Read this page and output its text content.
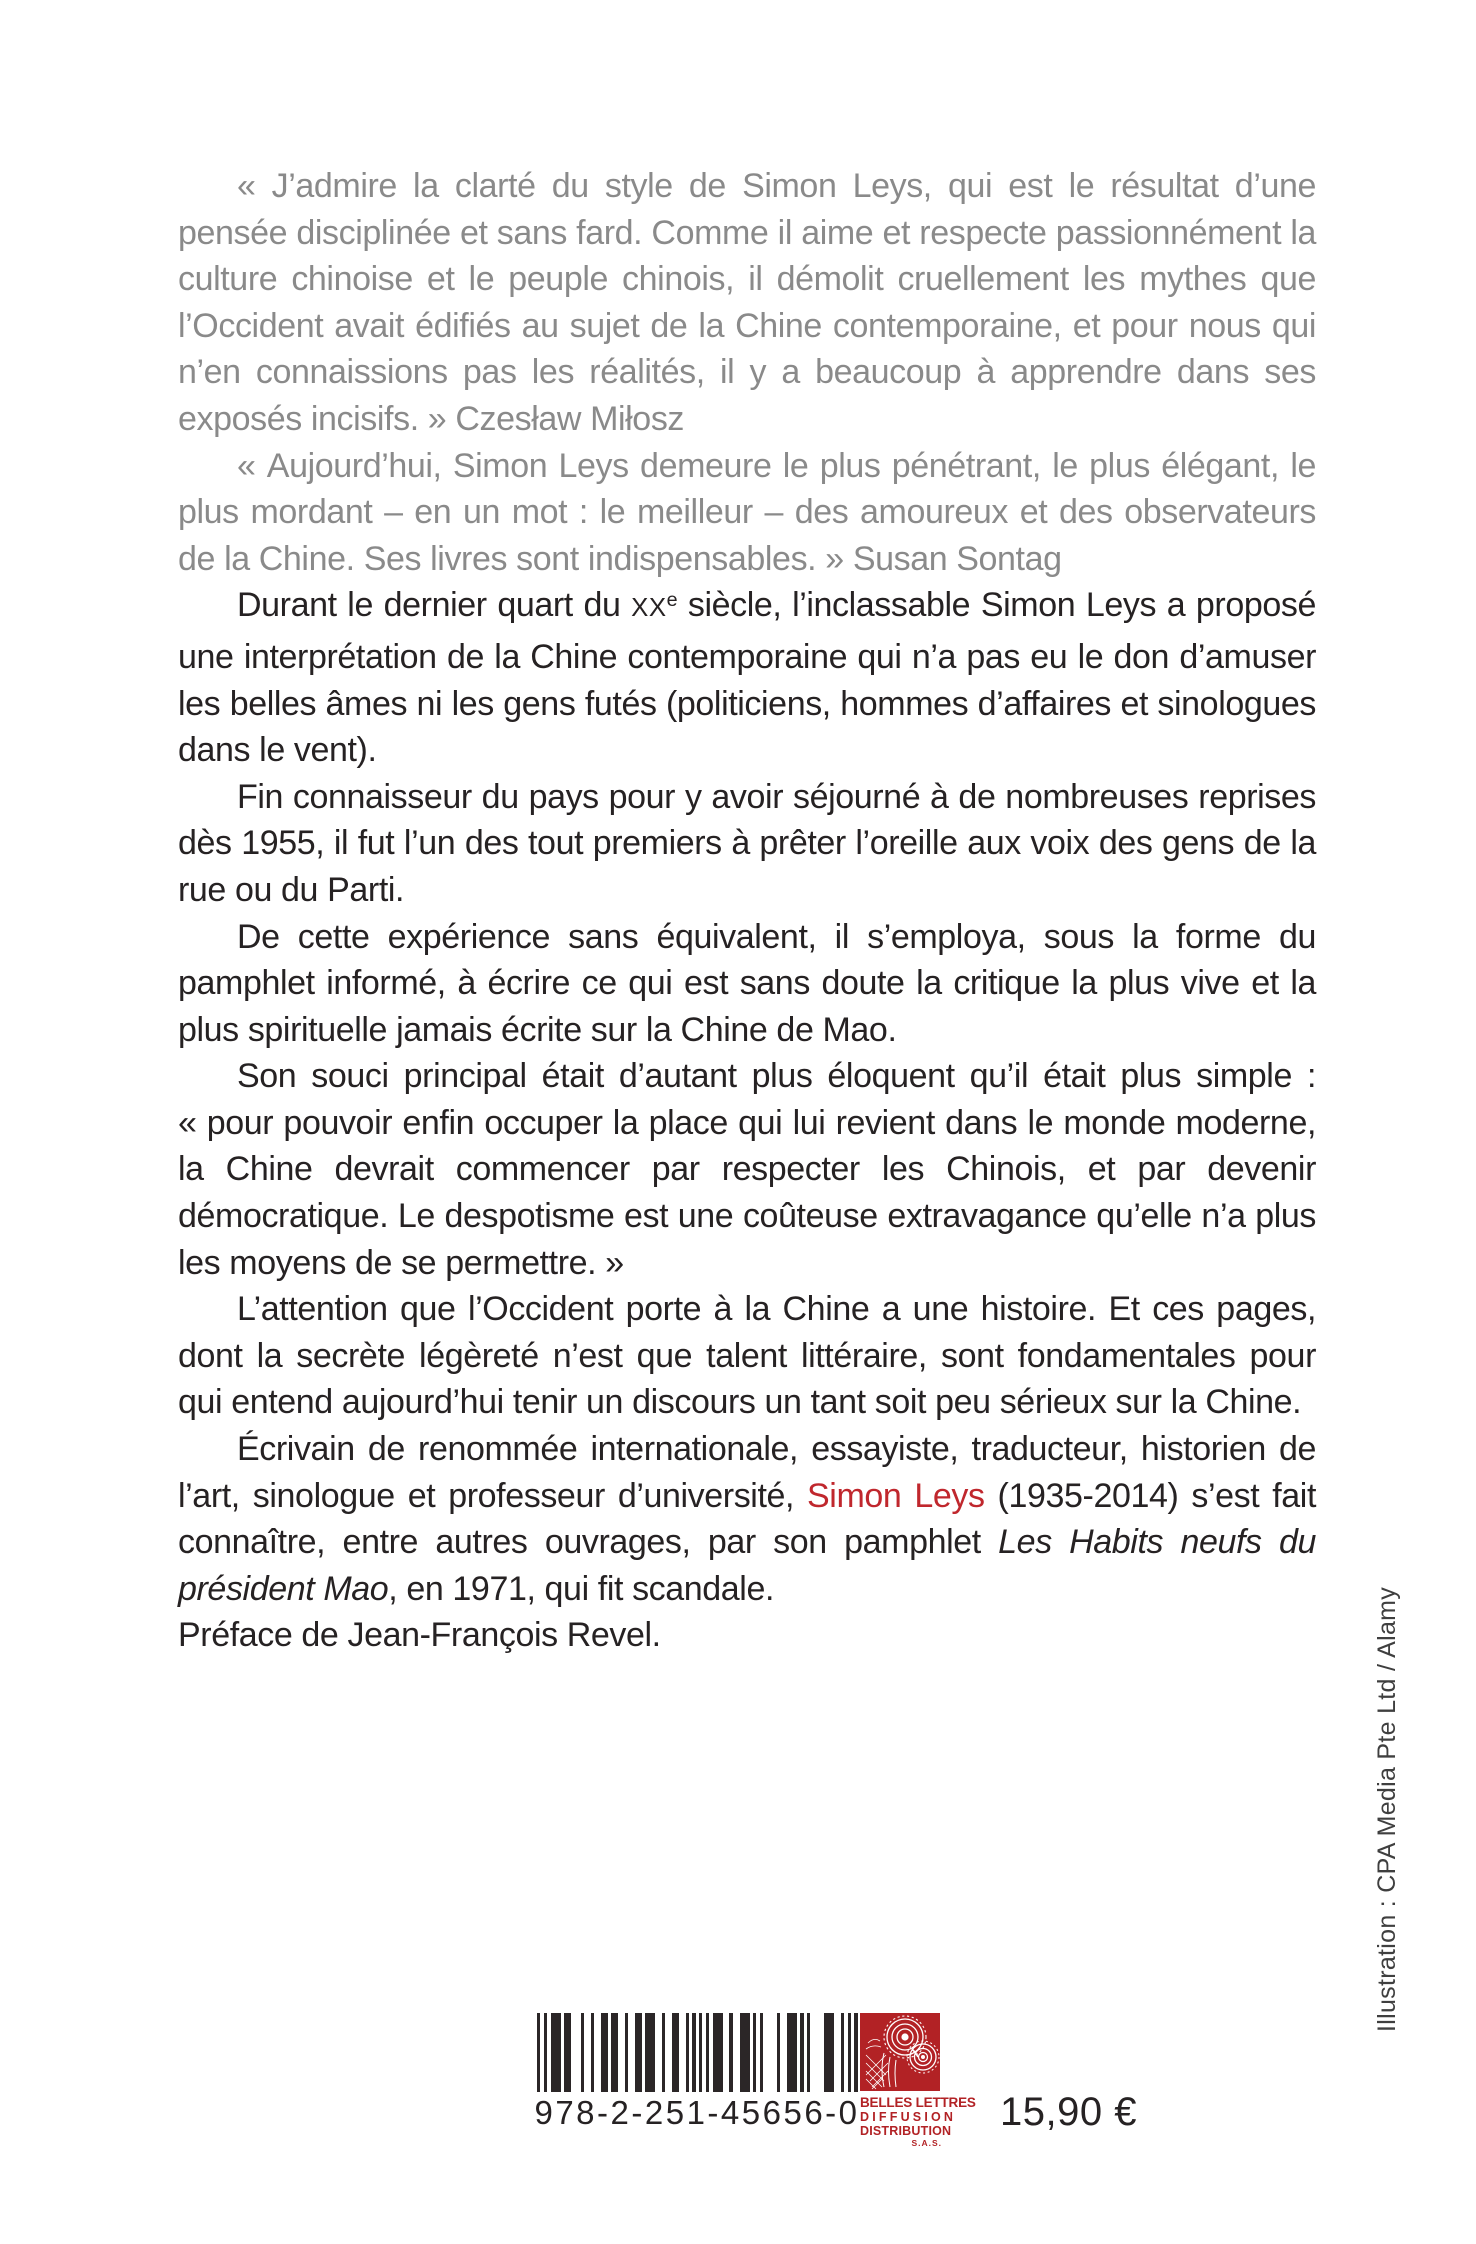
« J’admire la clarté du style de Simon Leys, qui est le résultat d’une pensée disciplinée et sans fard. Comme il aime et respecte passionnément la culture chinoise et le peuple chinois, il démolit cruellement les mythes que l’Occident avait édifiés au sujet de la Chine contemporaine, et pour nous qui n’en connaissions pas les réalités, il y a beaucoup à apprendre dans ses exposés incisifs. » Czesław Miłosz

« Aujourd’hui, Simon Leys demeure le plus pénétrant, le plus élégant, le plus mordant – en un mot : le meilleur – des amoureux et des observateurs de la Chine. Ses livres sont indispensables. » Susan Sontag

Durant le dernier quart du XXe siècle, l’inclassable Simon Leys a proposé une interprétation de la Chine contemporaine qui n’a pas eu le don d’amuser les belles âmes ni les gens futés (politiciens, hommes d’affaires et sinologues dans le vent).

Fin connaisseur du pays pour y avoir séjourné à de nombreuses reprises dès 1955, il fut l’un des tout premiers à prêter l’oreille aux voix des gens de la rue ou du Parti.

De cette expérience sans équivalent, il s’employa, sous la forme du pamphlet informé, à écrire ce qui est sans doute la critique la plus vive et la plus spirituelle jamais écrite sur la Chine de Mao.

Son souci principal était d’autant plus éloquent qu’il était plus simple : « pour pouvoir enfin occuper la place qui lui revient dans le monde moderne, la Chine devrait commencer par respecter les Chinois, et par devenir démocratique. Le despotisme est une coûteuse extravagance qu’elle n’a plus les moyens de se permettre. »

L’attention que l’Occident porte à la Chine a une histoire. Et ces pages, dont la secrète légèreté n’est que talent littéraire, sont fondamentales pour qui entend aujourd’hui tenir un discours un tant soit peu sérieux sur la Chine.

Écrivain de renommée internationale, essayiste, traducteur, historien de l’art, sinologue et professeur d’université, Simon Leys (1935-2014) s’est fait connaître, entre autres ouvrages, par son pamphlet Les Habits neufs du président Mao, en 1971, qui fit scandale.

Préface de Jean-François Revel.

978-2-251-45656-0 BELLES LETTRES
DIFFUSION
DISTRIBUTION
S.A.S.
15,90 €
Illustration : CPA Media Pte Ltd / Alamy
